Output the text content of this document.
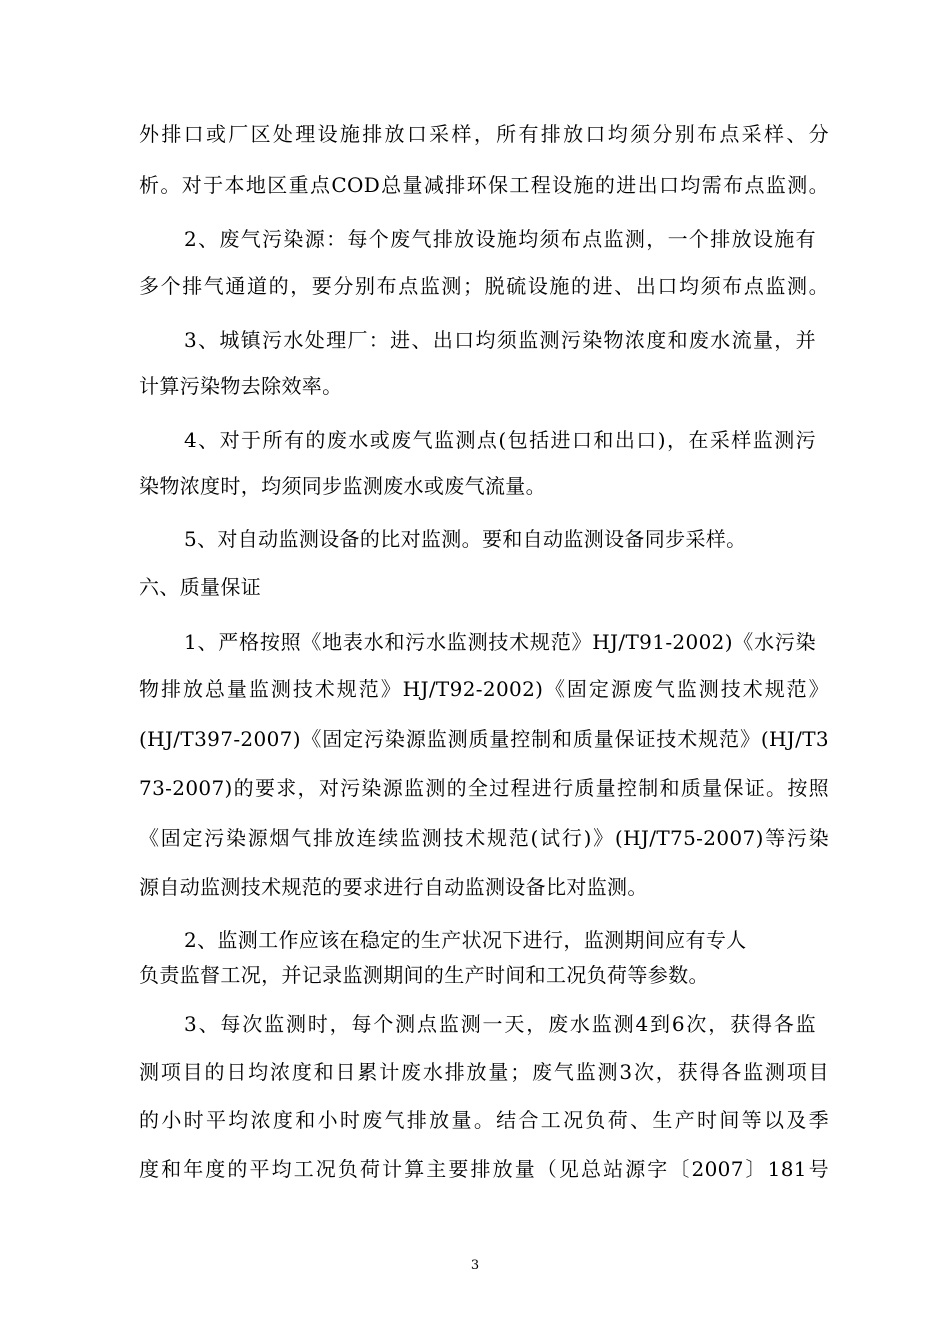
外排口或厂区处理设施排放口采样，所有排放口均须分别布点采样、分
析。对于本地区重点COD总量减排环保工程设施的进出口均需布点监测。
2、废气污染源：每个废气排放设施均须布点监测，一个排放设施有
多个排气通道的，要分别布点监测；脱硫设施的进、出口均须布点监测。
3、城镇污水处理厂：进、出口均须监测污染物浓度和废水流量，并
计算污染物去除效率。
4、对于所有的废水或废气监测点(包括进口和出口)，在采样监测污
染物浓度时，均须同步监测废水或废气流量。
5、对自动监测设备的比对监测。要和自动监测设备同步采样。
六、质量保证
1、严格按照《地表水和污水监测技术规范》HJ/T91-2002)《水污染
物排放总量监测技术规范》HJ/T92-2002)《固定源废气监测技术规范》
(HJ/T397-2007)《固定污染源监测质量控制和质量保证技术规范》(HJ/T3
73-2007)的要求，对污染源监测的全过程进行质量控制和质量保证。按照
《固定污染源烟气排放连续监测技术规范(试行)》(HJ/T75-2007)等污染
源自动监测技术规范的要求进行自动监测设备比对监测。
2、监测工作应该在稳定的生产状况下进行，监测期间应有专人
负责监督工况，并记录监测期间的生产时间和工况负荷等参数。
3、每次监测时，每个测点监测一天，废水监测4到6次，获得各监
测项目的日均浓度和日累计废水排放量；废气监测3次，获得各监测项目
的小时平均浓度和小时废气排放量。结合工况负荷、生产时间等以及季
度和年度的平均工况负荷计算主要排放量（见总站源字〔2007〕181号
3
